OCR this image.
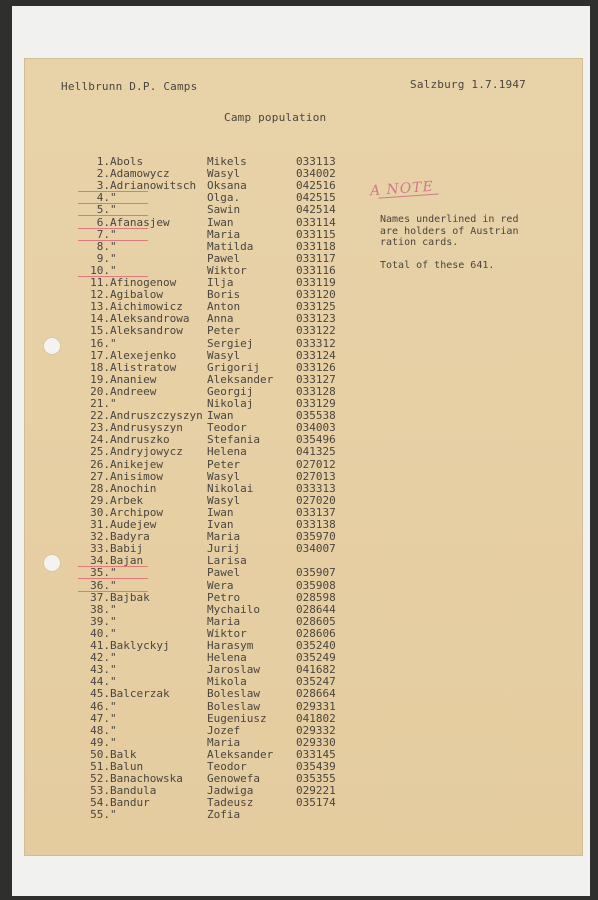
Hellbrunn D.P. Camps	Salzburg 1.7.1947
Camp population
A NOTE
Names underlined in red
are holders of Austrian
ration cards.
Total of these 641.
1. Abols	Mikels	033113
2. Adamowycz	Wasyl	034002
3. Adrianowitsch Oksana	042516
4. "	Olga.	042515
5. "	Sawin	042514
6. Afanasjew	Iwan	033114
7. "	Maria	033115
8. "	Matilda	033118
9. "	Pawel	033117
10. "	Wiktor	033116
11. Afinogenow	Ilja	033119
12. Agibalow	Boris	033120
13. Aichimowicz Anton	033125
14. Aleksandrowa Anna	033123
15. Aleksandrow Peter	033122
16. "	Sergiej	033312
17. Alexejenko	Wasyl	033124
18. Alistratow	Grigorij	033126
19. Ananiew	Aleksander 033127
20. Andreew	Georgij	033128
21. "	Nikolaj	033129
22. Andruszczyszyn Iwan	035538
23. Andrusyszyn Teodor	034003
24. Andruszko	Stefania	035496
25. Andryjowycz Helena	041325
26. Anikejew	Peter	027012
27. Anisimow	Wasyl	027013
28. Anochin	Nikolai	033313
29. Arbek	Wasyl	027020
30. Archipow	Iwan	033137
31. Audejew	Ivan	033138
32. Badyra	Maria	035970
33. Babij	Jurij	034007
34. Bajan	Larisa
35. "	Pawel	035907
36. "	Wera	035908
37. Bajbak	Petro	028598
38. "	Mychailo	028644
39. "	Maria	028605
40. "	Wiktor	028606
41. Baklyckyj	Harasym	035240
42. "	Helena	035249
43. "	Jaroslaw	041682
44. "	Mikola	035247
45. Balcerzak	Boleslaw	028664
46. "	Boleslaw	029331
47. "	Eugeniusz	041802
48. "	Jozef	029332
49. "	Maria	029330
50. Balk	Aleksander 033145
51. Balun	Teodor	035439
52. Banachowska Genowefa	035355
53. Bandula	Jadwiga	029221
54. Bandur	Tadeusz	035174
55. "	Zofia
